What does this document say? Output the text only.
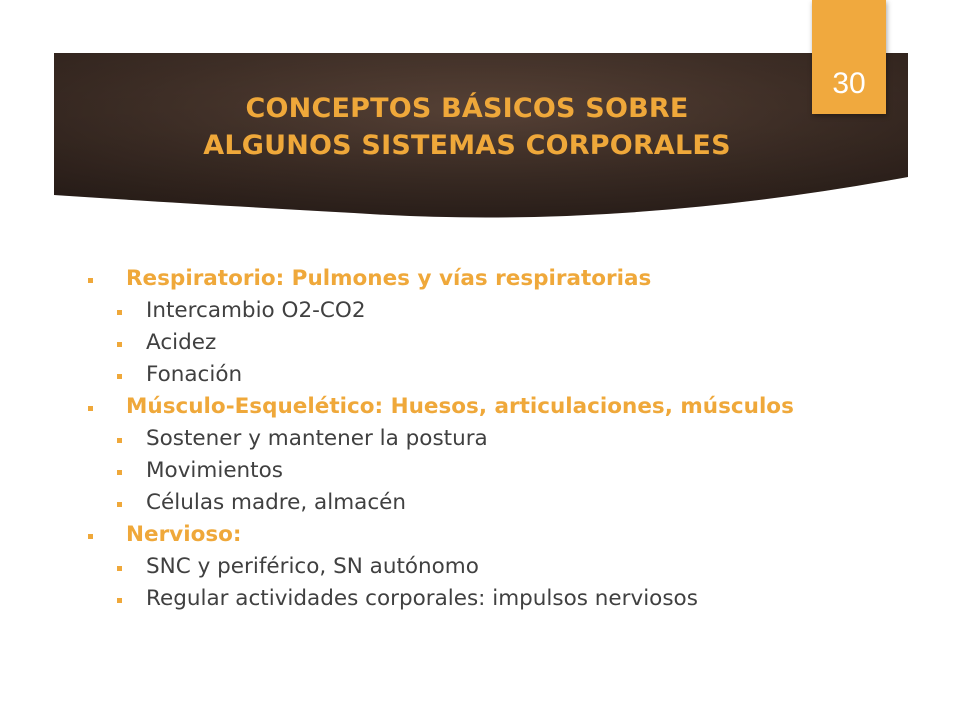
CONCEPTOS BÁSICOS SOBRE
ALGUNOS SISTEMAS CORPORALES
30
Respiratorio: Pulmones y vías respiratorias
Intercambio O2-CO2
Acidez
Fonación
Músculo-Esquelético: Huesos, articulaciones, músculos
Sostener y mantener la postura
Movimientos
Células madre, almacén
Nervioso:
SNC y periférico, SN autónomo
Regular actividades corporales: impulsos nerviosos
